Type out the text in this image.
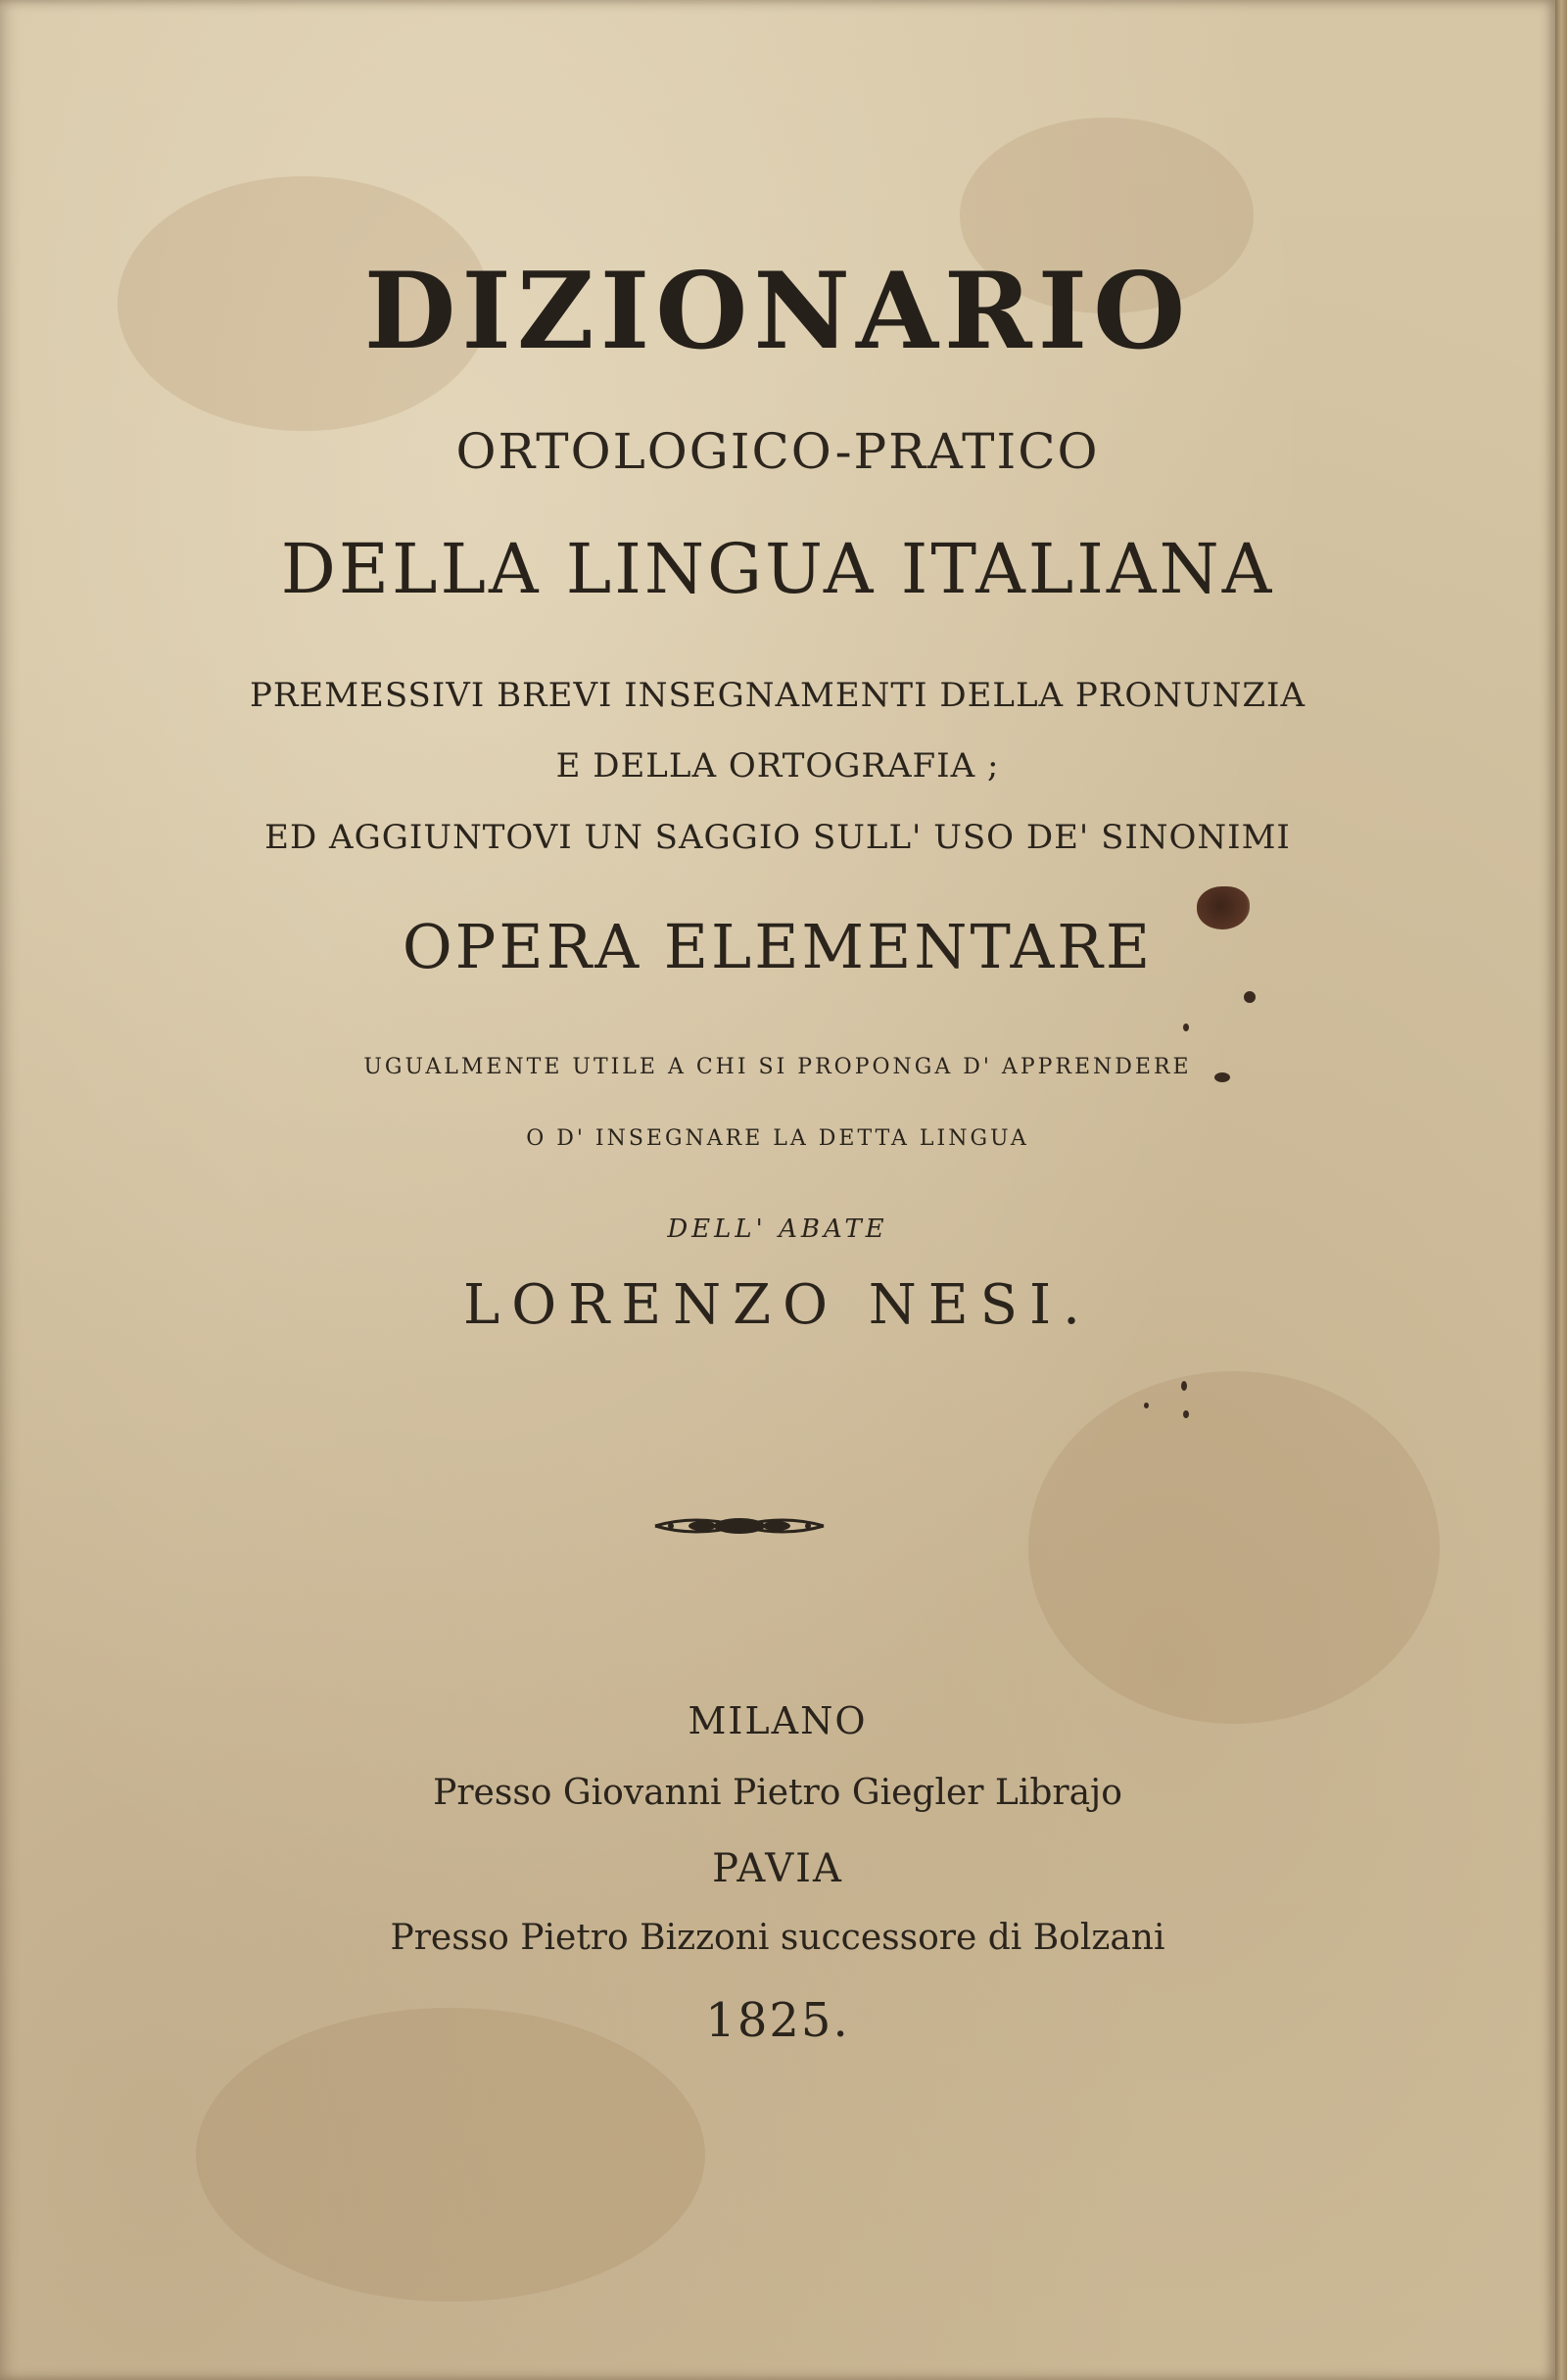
DIZIONARIO
ORTOLOGICO-PRATICO
DELLA LINGUA ITALIANA
PREMESSIVI BREVI INSEGNAMENTI DELLA PRONUNZIA
E DELLA ORTOGRAFIA ;
ED AGGIUNTOVI UN SAGGIO SULL' USO DE' SINONIMI
OPERA ELEMENTARE
UGUALMENTE UTILE A CHI SI PROPONGA D' APPRENDERE
O D' INSEGNARE LA DETTA LINGUA
DELL' ABATE
LORENZO NESI.
MILANO
Presso Giovanni Pietro Giegler Librajo
PAVIA
Presso Pietro Bizzoni successore di Bolzani
1825.
